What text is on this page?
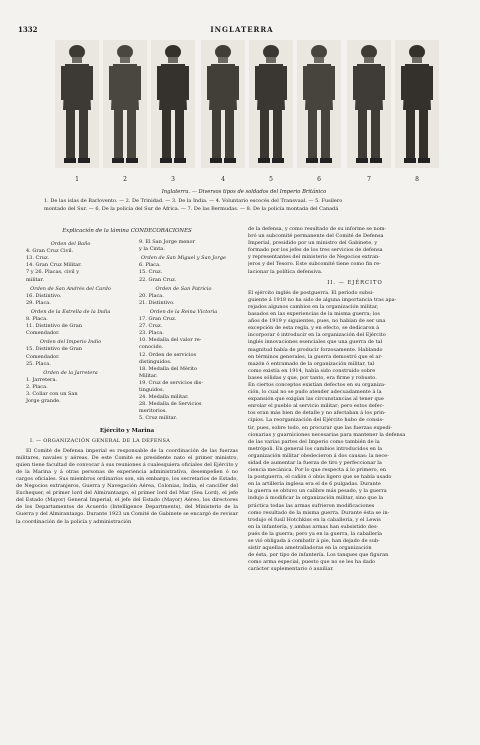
1332	INGLATERRA
1	2	3	4	5	6	7	8
Inglaterra. — Diversos tipos de soldados del Imperio Británico
1. De las islas de Barlovento. — 2. De Trinidad. — 3. De la India. — 4. Voluntario escocés del Transvaal. — 5. Fusilero
montado del Sur. — 6. De la policía del Sur de África. — 7. De las Bermudas. — 8. De la policía montada del Canadá
Explicación de la lámina CONDECORACIONES
Orden del Baño
4. Gran Cruz Civil.
13. Cruz.
14. Gran Cruz Militar.
7 y 26. Placas, civil y
militar.
Orden de San Andrés del Cardo
16. Distintivo.
29. Placa.
Orden de la Estrella de la India
8. Placa.
11. Distintivo de Gran
Comendador.
Orden del Imperio Indio
15. Distintivo de Gran
Comendador.
25. Placa.
Orden de la Jarretera
1. Jarretera.
2. Placa.
3. Collar con un San
Jorge grande.
9. El San Jorge menor
y la Cinta.
Orden de San Miguel y San Jorge
6. Placa.
15. Cruz.
22. Gran Cruz.
Orden de San Patricio
20. Placa.
21. Distintivo.
Orden de la Reina Victoria
17. Gran Cruz.
27. Cruz.
23. Placa.
10. Medalla del valor re-
conocido.
12. Orden de servicios
distinguidos.
18. Medalla del Mérito
Militar.
19. Cruz de servicios dis-
tinguidos.
24. Medalla militar.
28. Medalla de Servicios
meritorios.
5. Cruz militar.
Ejército y Marina
I. — ORGANIZACIÓN GENERAL DE LA DEFENSA
El Comité de Defensa imperial es responsable de la coordinación de las fuerzas militares, navales y aéreas. De este Comité es presidente nato el primer ministro, quien tiene facultad de convocar á sus reuniones á cualesquiera oficiales del Ejército y de la Marina y á otras personas de experiencia administrativa, desempeñen ó no cargos oficiales. Sus miembros ordinarios son, sin embargo, los secretarios de Estado, de Negocios extranjeros, Guerra y Navegación Aérea, Colonias, India, el canciller del Exchequer, el primer lord del Almirantazgo, el primer lord del Mar (Sea Lord), el jefe del Estado (Mayor) General Imperial, el jefe del Estado (Mayor) Aéreo, los directores de los Departamentos de Acuerdo (Intelligence Departments), del Ministerio de la Guerra y del Almirantazgo. Durante 1923 un Comité de Gabinete se encargó de revisar la coordinación de la policía y administración
de la defensa, y como resultado de su informe se nom-
bró un subcomité permanente del Comité de Defensa
Imperial, presidido por un ministro del Gabinete, y
formado por los jefes de los tres servicios de defensa
y representantes del ministerio de Negocios extran-
jeros y del Tesoro. Este subcomité tiene como fin re-
lacionar la política defensiva.
II. — EJÉRCITO
El ejército inglés de postguerra. El período subsi-
guiente á 1918 no ha sido de alguna importancia tras apa-
rejados algunos cambios en la organización militar,
basados en las experiencias de la misma guerra; los
años de 1919 y siguientes, pues, no habían de ser una
excepción de esta regla, y en efecto, se dedicaron á
incorporar ó introducir en la organización del Ejército
inglés innovaciones esenciales que una guerra de tal
magnitud había de producir forzosamente. Hablando
en términos generales, la guerra demostró que el ar-
mazón ó entramado de la organización militar, tal
como existía en 1914, había sido construido sobre
bases sólidas y que, por tanto, era firme y robusto.
En ciertos conceptos existían defectos en su organiza-
ción, lo cual no se pudo atender adecuadamente á la
expansión que exigían las circunstancias al tener que
enrolar el pueblo al servicio militar; pero estos defec-
tos eran más bien de detalle y no afectaban á los prin-
cipios. La reorganización del Ejército hubo de consis-
tir, pues, sobre todo, en procurar que las fuerzas expedi-
cionarias y guarniciones necesarias para mantener la defensa
de las varias partes del Imperio como también de la
metrópoli. En general los cambios introducidos en la
organización militar obedecieron á dos causas: la nece-
sidad de aumentar la fuerza de tiro y perfeccionar la
ciencia mecánica. Por lo que respecta á lo primero, en
la postguerra, el cañón ó obús ligero que se había usado
en la artillería inglesa era el de 6 pulgadas. Durante
la guerra se obtuvo un calibre más pesado, y la guerra
indujo á modificar la organización militar, sino que la
práctica todas las armas sufrieron modificaciones
como resultado de la misma guerra. Durante ésta se in-
trodujo el fusil Hotchkiss en la caballería, y el Lewis
en la infantería, y ambas armas han subsistido des-
pués de la guerra; pero ya en la guerra, la caballería
se vió obligada á combatir á pie, han dejado de sub-
sistir aquellas ametralladoras en la organización
de ésta, por tipo de infantería. Los tanques que figuran
como arma especial, puesto que no se les ha dado
carácter suplementario ó auxiliar.
